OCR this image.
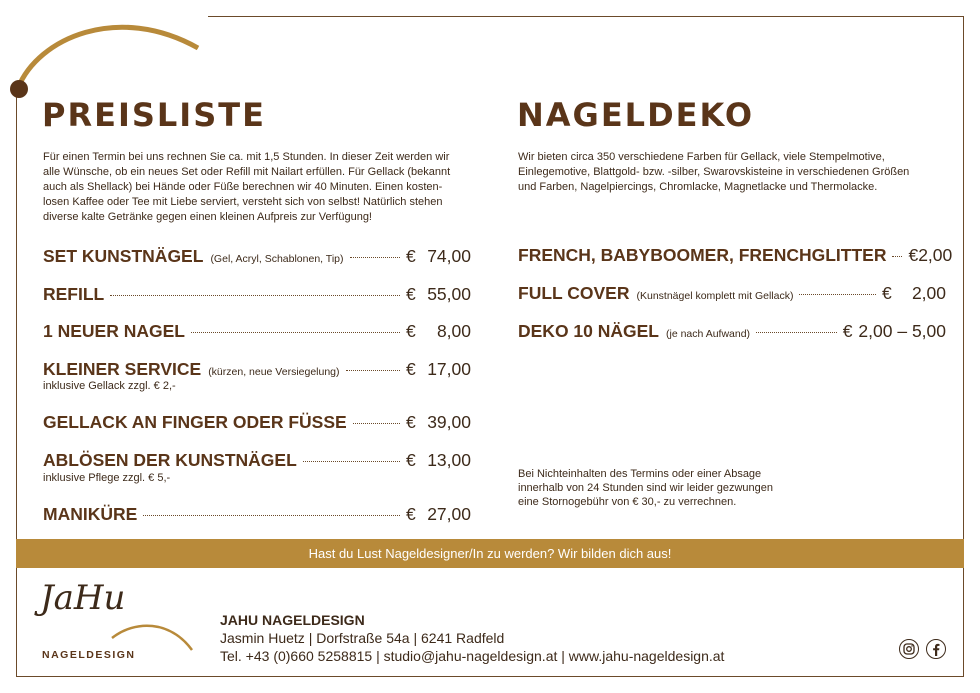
PREISLISTE
Für einen Termin bei uns rechnen Sie ca. mit 1,5 Stunden. In dieser Zeit werden wir
alle Wünsche, ob ein neues Set oder Refill mit Nailart erfüllen. Für Gellack (bekannt
auch als Shellack) bei Hände oder Füße berechnen wir 40 Minuten. Einen kosten-
losen Kaffee oder Tee mit Liebe serviert, versteht sich von selbst! Natürlich stehen
diverse kalte Getränke gegen einen kleinen Aufpreis zur Verfügung!
SET KUNSTNÄGEL (Gel, Acryl, Schablonen, Tip)	€ 74,00
REFILL	€ 55,00
1 NEUER NAGEL	€ 8,00
KLEINER SERVICE (kürzen, neue Versiegelung)	€ 17,00
inklusive Gellack zzgl. € 2,-
GELLACK AN FINGER ODER FÜSSE	€ 39,00
ABLÖSEN DER KUNSTNÄGEL	€ 13,00
inklusive Pflege zzgl. € 5,-
MANIKÜRE	€ 27,00
NAGELDEKO
Wir bieten circa 350 verschiedene Farben für Gellack, viele Stempelmotive,
Einlegemotive, Blattgold- bzw. -silber, Swarovskisteine in verschiedenen Größen
und Farben, Nagelpiercings, Chromlacke, Magnetlacke und Thermolacke.
FRENCH, BABYBOOMER, FRENCHGLITTER € 2,00
FULL COVER (Kunstnägel komplett mit Gellack)	€ 2,00
DEKO 10 NÄGEL (je nach Aufwand)	€ 2,00 – 5,00
Bei Nichteinhalten des Termins oder einer Absage
innerhalb von 24 Stunden sind wir leider gezwungen
eine Stornogebühr von € 30,- zu verrechnen.
Hast du Lust Nageldesigner/In zu werden? Wir bilden dich aus!
JaHu
NAGELDESIGN
JAHU NAGELDESIGN
Jasmin Huetz | Dorfstraße 54a | 6241 Radfeld
Tel. +43 (0)660 5258815 | studio@jahu-nageldesign.at | www.jahu-nageldesign.at
